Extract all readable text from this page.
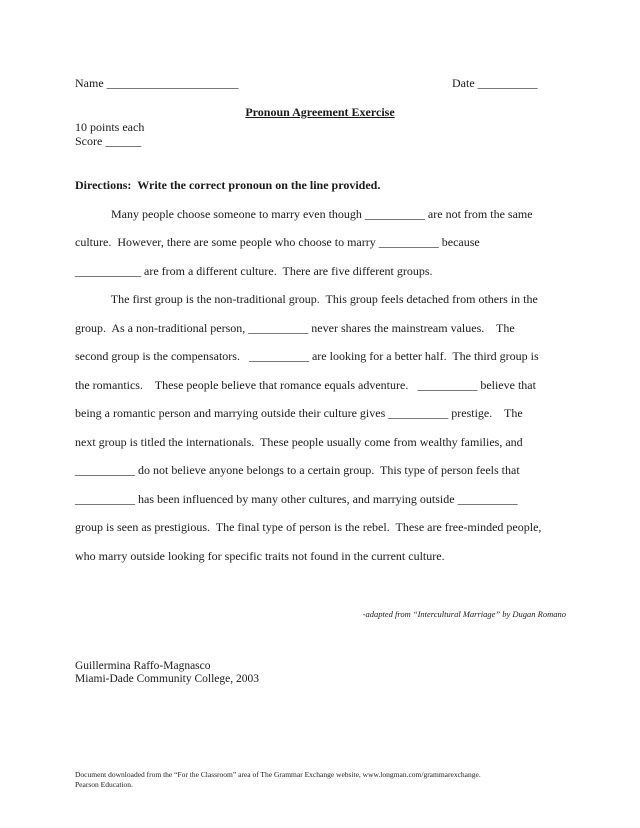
Name ______________________	Date __________
Pronoun Agreement Exercise
10 points each
Score ______
Directions:  Write the correct pronoun on the line provided.
Many people choose someone to marry even though __________ are not from the same
culture.  However, there are some people who choose to marry __________ because
___________ are from a different culture.  There are five different groups.
The first group is the non-traditional group.  This group feels detached from others in the
group.  As a non-traditional person, __________ never shares the mainstream values.    The
second group is the compensators.   __________ are looking for a better half.  The third group is
the romantics.    These people believe that romance equals adventure.   __________ believe that
being a romantic person and marrying outside their culture gives __________ prestige.    The
next group is titled the internationals.  These people usually come from wealthy families, and
__________ do not believe anyone belongs to a certain group.  This type of person feels that
__________ has been influenced by many other cultures, and marrying outside __________
group is seen as prestigious.  The final type of person is the rebel.  These are free-minded people,
who marry outside looking for specific traits not found in the current culture.
-adapted from “Intercultural Marriage” by Dugan Romano
Guillermina Raffo-Magnasco
Miami-Dade Community College, 2003
Document downloaded from the “For the Classroom” area of The Grammar Exchange website, www.longman.com/grammarexchange.
Pearson Education.
